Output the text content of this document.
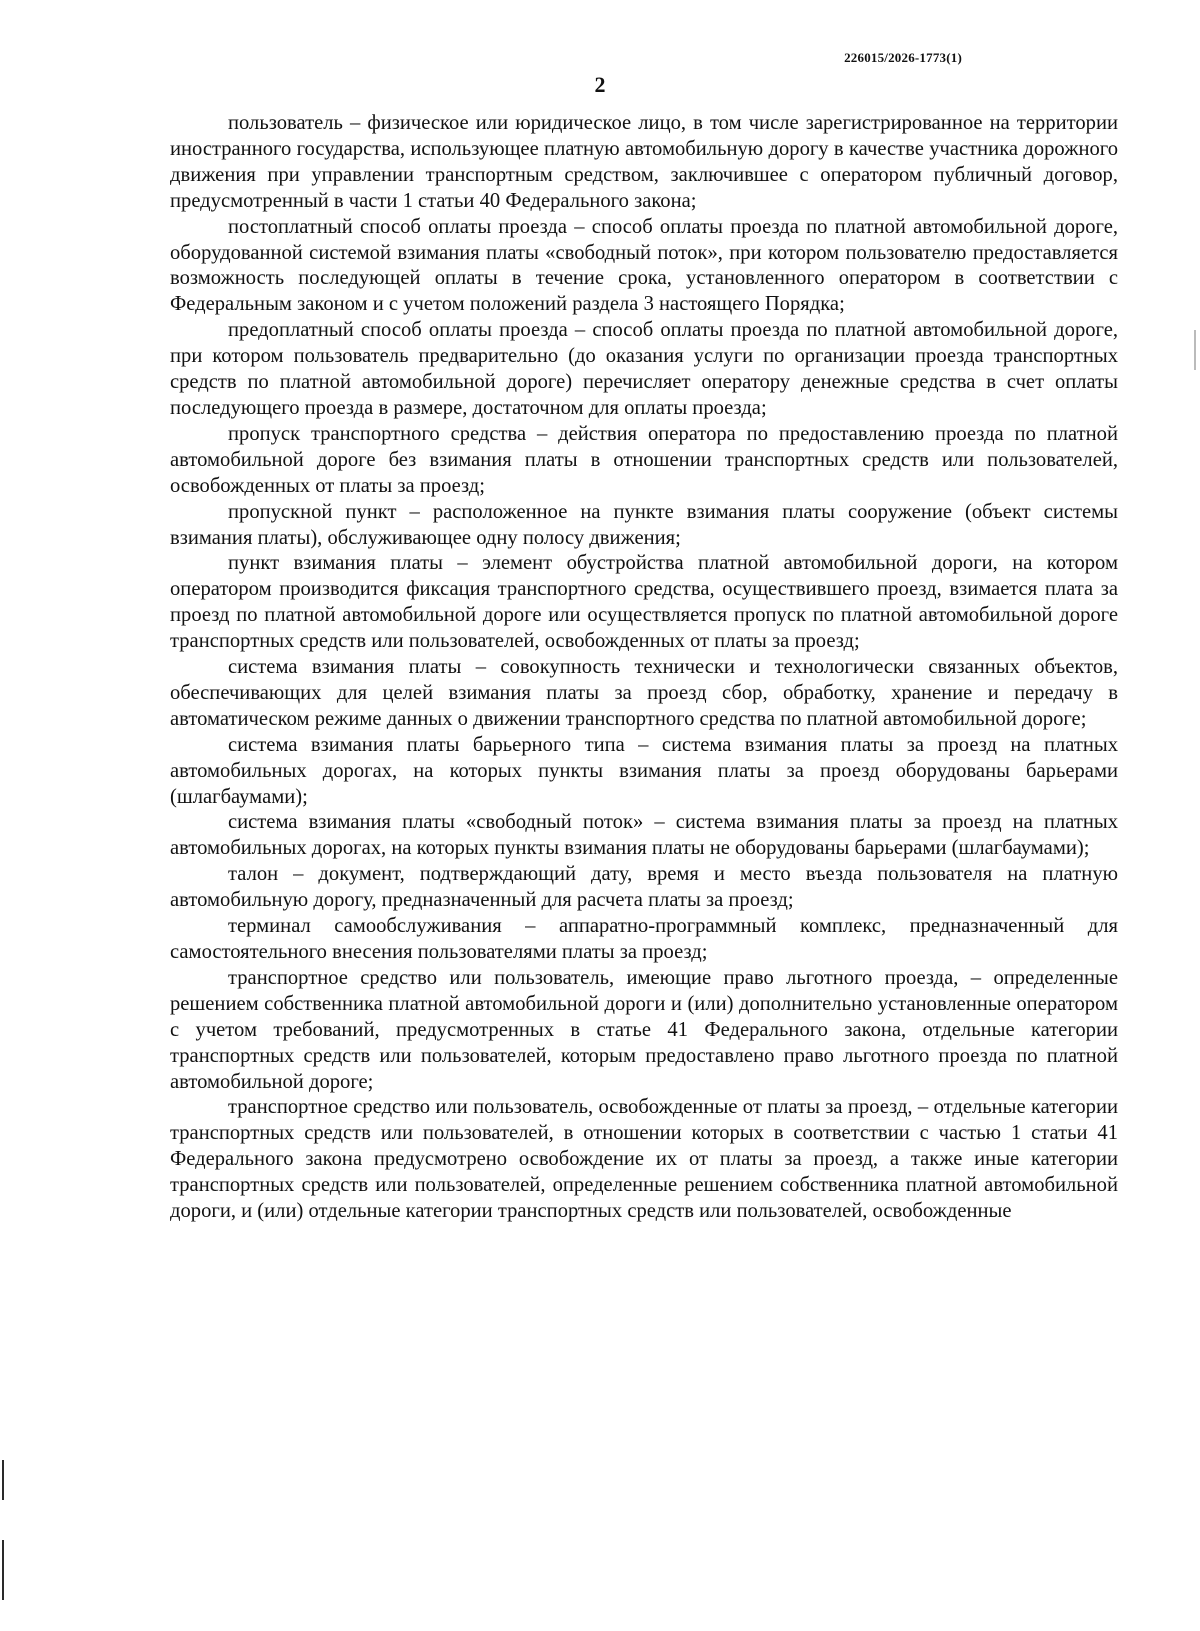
226015/2026-1773(1)
2

пользователь – физическое или юридическое лицо, в том числе зарегистрированное на территории иностранного государства, использующее платную автомобильную дорогу в качестве участника дорожного движения при управлении транспортным средством, заключившее с оператором публичный договор, предусмотренный в части 1 статьи 40 Федерального закона;

постоплатный способ оплаты проезда – способ оплаты проезда по платной автомобильной дороге, оборудованной системой взимания платы «свободный поток», при котором пользователю предоставляется возможность последующей оплаты в течение срока, установленного оператором в соответствии с Федеральным законом и с учетом положений раздела 3 настоящего Порядка;

предоплатный способ оплаты проезда – способ оплаты проезда по платной автомобильной дороге, при котором пользователь предварительно (до оказания услуги по организации проезда транспортных средств по платной автомобильной дороге) перечисляет оператору денежные средства в счет оплаты последующего проезда в размере, достаточном для оплаты проезда;

пропуск транспортного средства – действия оператора по предоставлению проезда по платной автомобильной дороге без взимания платы в отношении транспортных средств или пользователей, освобожденных от платы за проезд;

пропускной пункт – расположенное на пункте взимания платы сооружение (объект системы взимания платы), обслуживающее одну полосу движения;

пункт взимания платы – элемент обустройства платной автомобильной дороги, на котором оператором производится фиксация транспортного средства, осуществившего проезд, взимается плата за проезд по платной автомобильной дороге или осуществляется пропуск по платной автомобильной дороге транспортных средств или пользователей, освобожденных от платы за проезд;

система взимания платы – совокупность технически и технологически связанных объектов, обеспечивающих для целей взимания платы за проезд сбор, обработку, хранение и передачу в автоматическом режиме данных о движении транспортного средства по платной автомобильной дороге;

система взимания платы барьерного типа – система взимания платы за проезд на платных автомобильных дорогах, на которых пункты взимания платы за проезд оборудованы барьерами (шлагбаумами);

система взимания платы «свободный поток» – система взимания платы за проезд на платных автомобильных дорогах, на которых пункты взимания платы не оборудованы барьерами (шлагбаумами);

талон – документ, подтверждающий дату, время и место въезда пользователя на платную автомобильную дорогу, предназначенный для расчета платы за проезд;

терминал самообслуживания – аппаратно-программный комплекс, предназначенный для самостоятельного внесения пользователями платы за проезд;

транспортное средство или пользователь, имеющие право льготного проезда, – определенные решением собственника платной автомобильной дороги и (или) дополнительно установленные оператором с учетом требований, предусмотренных в статье 41 Федерального закона, отдельные категории транспортных средств или пользователей, которым предоставлено право льготного проезда по платной автомобильной дороге;

транспортное средство или пользователь, освобожденные от платы за проезд, – отдельные категории транспортных средств или пользователей, в отношении которых в соответствии с частью 1 статьи 41 Федерального закона предусмотрено освобождение их от платы за проезд, а также иные категории транспортных средств или пользователей, определенные решением собственника платной автомобильной дороги, и (или) отдельные категории транспортных средств или пользователей, освобожденные
